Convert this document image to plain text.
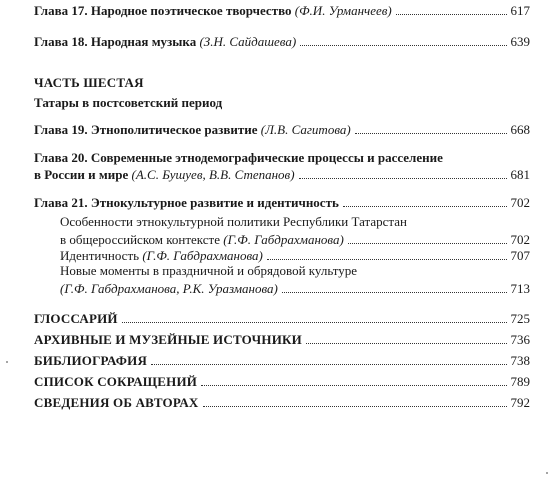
Глава 17.
Народное поэтическое творчество
(Ф.И. Урманчеев)	617
Глава 18.
Народная музыка
(З.Н. Сайдашева)	639
ЧАСТЬ ШЕСТАЯ
Татары в постсоветский период
Глава 19.
Этнополитическое развитие
(Л.В. Сагитова)	668
Глава 20. Современные этнодемографические процессы и расселение
в России и мире
(А.С. Бушуев, В.В. Степанов)	681
Глава 21.
Этнокультурное развитие и идентичность	702
Особенности этнокультурной политики Республики Татарстан
в общероссийском контексте
(Г.Ф. Габдрахманова)	702
Идентичность
(Г.Ф. Габдрахманова)	707
Новые моменты в праздничной и обрядовой культуре
(Г.Ф. Габдрахманова, Р.К. Уразманова)	713
ГЛОССАРИЙ	725
АРХИВНЫЕ И МУЗЕЙНЫЕ ИСТОЧНИКИ	736
БИБЛИОГРАФИЯ	738
СПИСОК СОКРАЩЕНИЙ	789
СВЕДЕНИЯ ОБ АВТОРАХ	792
